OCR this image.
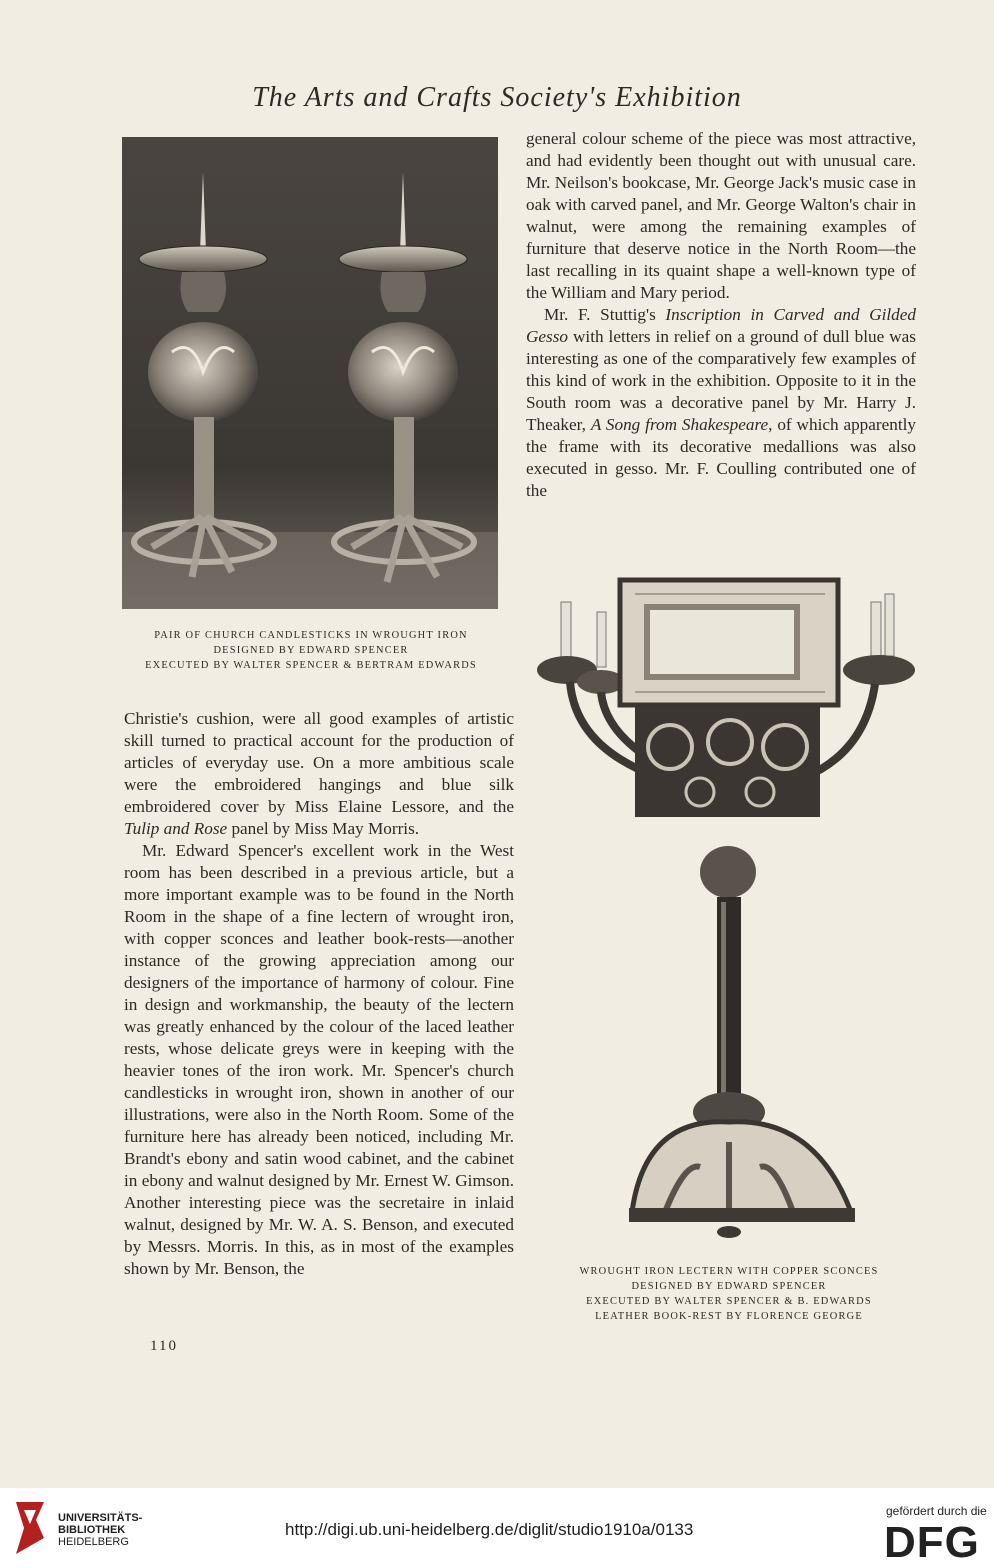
The Arts and Crafts Society's Exhibition
PAIR OF CHURCH CANDLESTICKS IN WROUGHT IRON
DESIGNED BY EDWARD SPENCER
EXECUTED BY WALTER SPENCER & BERTRAM EDWARDS

general colour scheme of the piece was most attractive, and had evidently been thought out with unusual care. Mr. Neilson's bookcase, Mr. George Jack's music case in oak with carved panel, and Mr. George Walton's chair in walnut, were among the remaining examples of furniture that deserve notice in the North Room—the last recalling in its quaint shape a well-known type of the William and Mary period.

Mr. F. Stuttig's Inscription in Carved and Gilded Gesso with letters in relief on a ground of dull blue was interesting as one of the comparatively few examples of this kind of work in the exhibition. Opposite to it in the South room was a decorative panel by Mr. Harry J. Theaker, A Song from Shakespeare, of which apparently the frame with its decorative medallions was also executed in gesso. Mr. F. Coulling contributed one of the

Christie's cushion, were all good examples of artistic skill turned to practical account for the production of articles of everyday use. On a more ambitious scale were the embroidered hangings and blue silk embroidered cover by Miss Elaine Lessore, and the Tulip and Rose panel by Miss May Morris.

Mr. Edward Spencer's excellent work in the West room has been described in a previous article, but a more important example was to be found in the North Room in the shape of a fine lectern of wrought iron, with copper sconces and leather book-rests—another instance of the growing appreciation among our designers of the importance of harmony of colour. Fine in design and workmanship, the beauty of the lectern was greatly enhanced by the colour of the laced leather rests, whose delicate greys were in keeping with the heavier tones of the iron work. Mr. Spencer's church candlesticks in wrought iron, shown in another of our illustrations, were also in the North Room. Some of the furniture here has already been noticed, including Mr. Brandt's ebony and satin wood cabinet, and the cabinet in ebony and walnut designed by Mr. Ernest W. Gimson. Another interesting piece was the secretaire in inlaid walnut, designed by Mr. W. A. S. Benson, and executed by Messrs. Morris. In this, as in most of the examples shown by Mr. Benson, the	WROUGHT IRON LECTERN WITH COPPER SCONCES
DESIGNED BY EDWARD SPENCER
EXECUTED BY WALTER SPENCER & B. EDWARDS
LEATHER BOOK-REST BY FLORENCE GEORGE
110
UNIVERSITÄTS-
BIBLIOTHEK
HEIDELBERG
http://digi.ub.uni-heidelberg.de/diglit/studio1910a/0133
gefördert durch die
DFG
